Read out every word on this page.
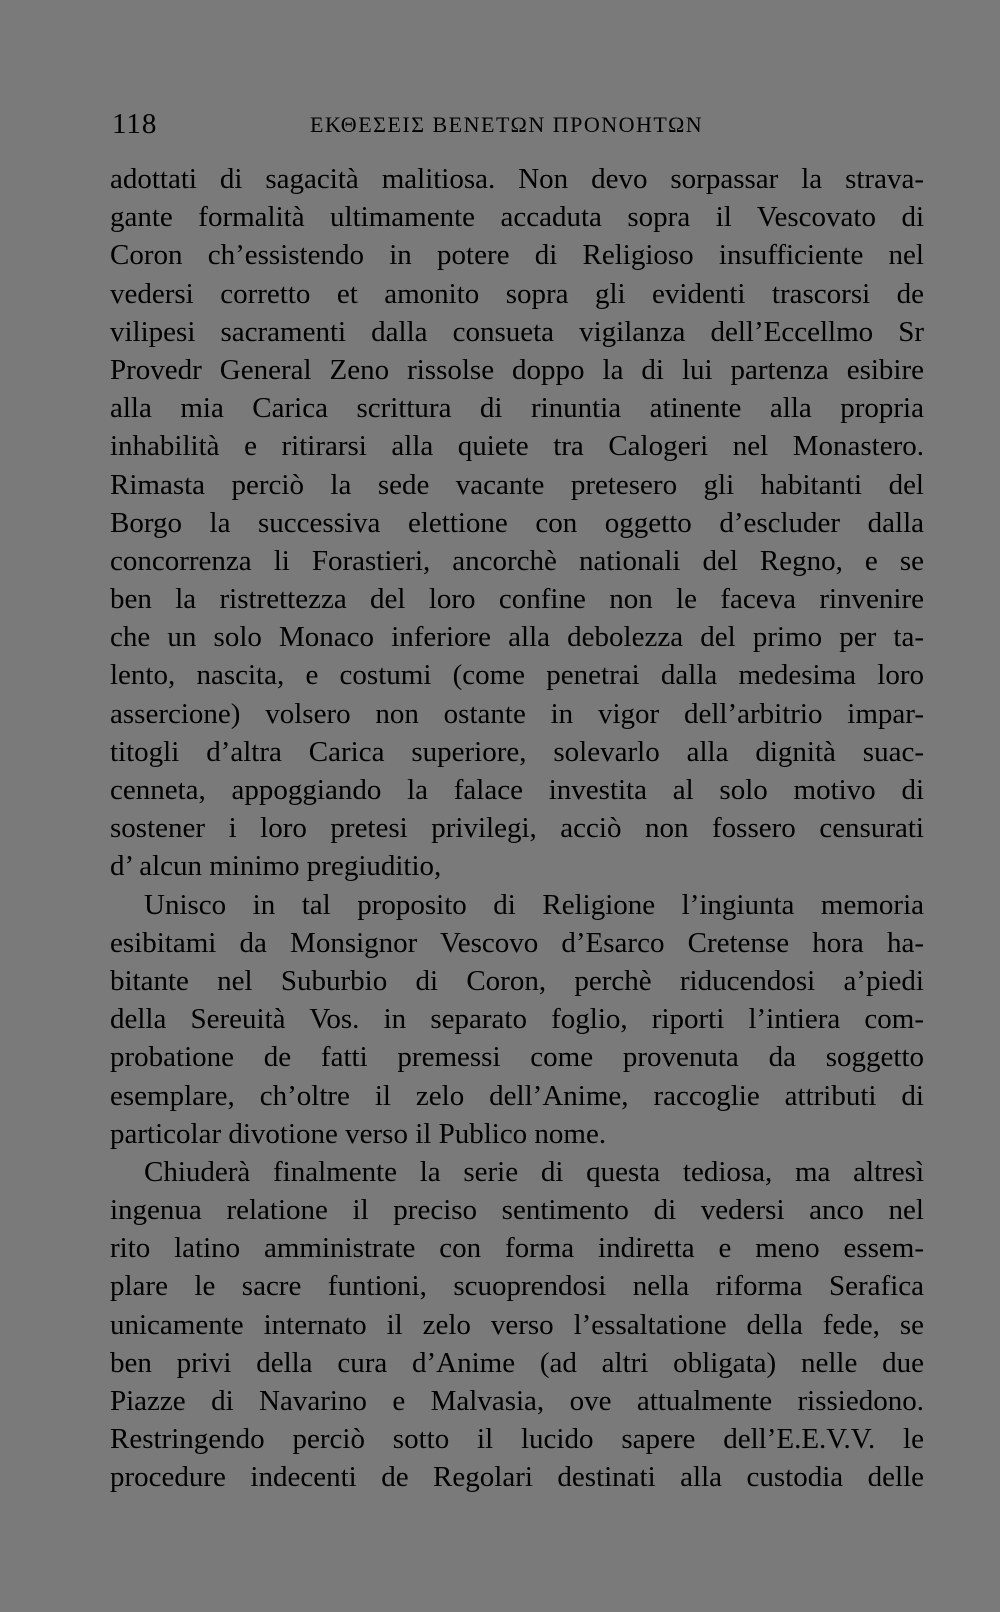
118	ΕΚΘΕΣΕΙΣ ΒΕΝΕΤΩΝ ΠΡΟΝΟΗΤΩΝ
adottati di sagacità malitiosa. Non devo sorpassar la strava-
gante formalità ultimamente accaduta sopra il Vescovato di
Coron ch’essistendo in potere di Religioso insufficiente nel
vedersi corretto et amonito sopra gli evidenti trascorsi de
vilipesi sacramenti dalla consueta vigilanza dell’Eccellmo Sr
Provedr General Zeno rissolse doppo la di lui partenza esibire
alla mia Carica scrittura di rinuntia atinente alla propria
inhabilità e ritirarsi alla quiete tra Calogeri nel Monastero.
Rimasta perciò la sede vacante pretesero gli habitanti del
Borgo la successiva elettione con oggetto d’escluder dalla
concorrenza li Forastieri, ancorchè nationali del Regno, e se
ben la ristrettezza del loro confine non le faceva rinvenire
che un solo Monaco inferiore alla debolezza del primo per ta-
lento, nascita, e costumi (come penetrai dalla medesima loro
assercione) volsero non ostante in vigor dell’arbitrio impar-
titogli d’altra Carica superiore, solevarlo alla dignità suac-
cenneta, appoggiando la falace investita al solo motivo di
sostener i loro pretesi privilegi, acciò non fossero censurati
d’ alcun minimo pregiuditio,
Unisco in tal proposito di Religione l’ingiunta memoria
esibitami da Monsignor Vescovo d’Esarco Cretense hora ha-
bitante nel Suburbio di Coron, perchè riducendosi a’piedi
della Sereuità Vos. in separato foglio, riporti l’intiera com-
probatione de fatti premessi come provenuta da soggetto
esemplare, ch’oltre il zelo dell’Anime, raccoglie attributi di
particolar divotione verso il Publico nome.
Chiuderà finalmente la serie di questa tediosa, ma altresì
ingenua relatione il preciso sentimento di vedersi anco nel
rito latino amministrate con forma indiretta e meno essem-
plare le sacre funtioni, scuoprendosi nella riforma Serafica
unicamente internato il zelo verso l’essaltatione della fede, se
ben privi della cura d’Anime (ad altri obligata) nelle due
Piazze di Navarino e Malvasia, ove attualmente rissiedono.
Restringendo perciò sotto il lucido sapere dell’E.E.V.V. le
procedure indecenti de Regolari destinati alla custodia delle
